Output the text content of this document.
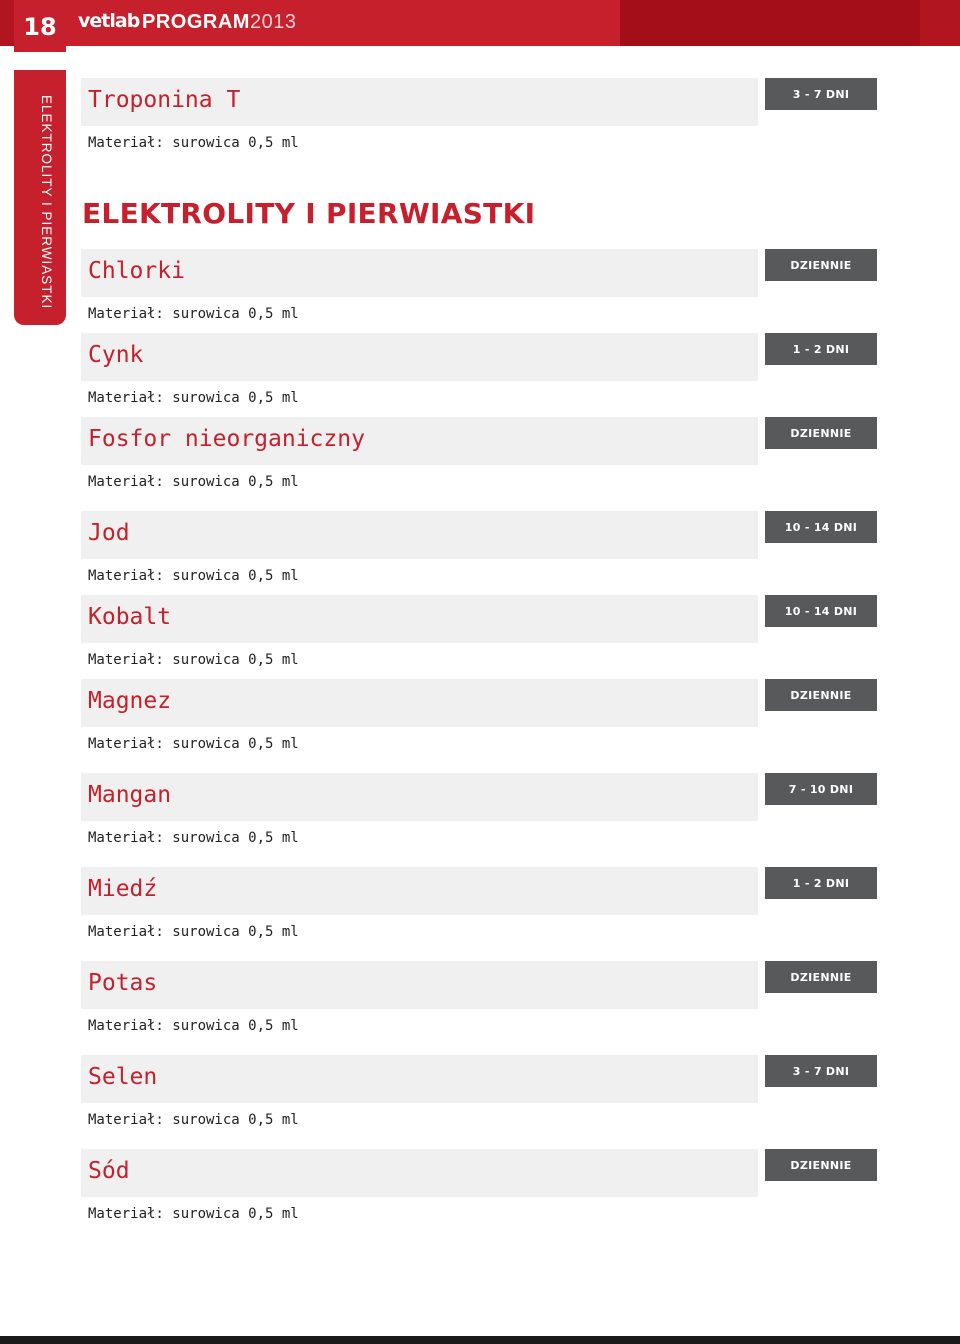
18	vetlab PROGRAM2013
ELEKTROLITY I PIERWIASTKI ELEKTROLITY I PIERWIASTKI
Troponina T
Materiał: surowica 0,5 ml
3 - 7 DNI
Chlorki
Materiał: surowica 0,5 ml
DZIENNIE
Cynk
Materiał: surowica 0,5 ml
1 - 2 DNI
Fosfor nieorganiczny
Materiał: surowica 0,5 ml
DZIENNIE
Jod
Materiał: surowica 0,5 ml
10 - 14 DNI
Kobalt
Materiał: surowica 0,5 ml
10 - 14 DNI
Magnez
Materiał: surowica 0,5 ml
DZIENNIE
Mangan
Materiał: surowica 0,5 ml
7 - 10 DNI
Miedź
Materiał: surowica 0,5 ml
1 - 2 DNI
Potas
Materiał: surowica 0,5 ml
DZIENNIE
Selen
Materiał: surowica 0,5 ml
3 - 7 DNI
Sód
Materiał: surowica 0,5 ml
DZIENNIE
